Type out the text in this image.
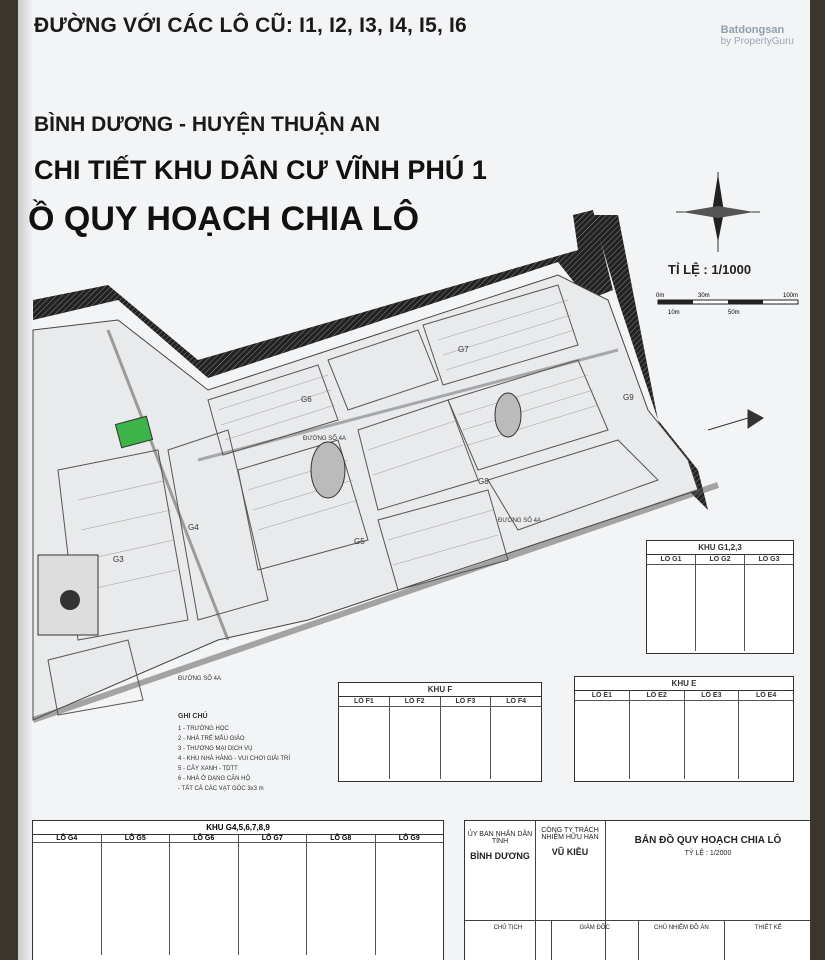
ĐƯỜNG VỚI CÁC LÔ CŨ: I1, I2, I3, I4, I5, I6
BÌNH DƯƠNG - HUYỆN THUẬN AN
CHI TIẾT KHU DÂN CƯ VĨNH PHÚ 1
Ồ QUY HOẠCH CHIA LÔ
Batdongsan
by PropertyGuru
G6
G7
G9
G8
G5
G4
G3
ĐƯỜNG SỐ 4A
ĐƯỜNG SỐ 4A
ĐƯỜNG SỐ 4A
0m	30m	100m
10m	50m
TỈ LỆ : 1/1000
KHU G1,2,3
LÔ G1	LÔ G2	LÔ G3
KHU F
LÔ F1	LÔ F2	LÔ F3	LÔ F4
KHU E
LÔ E1	LÔ E2	LÔ E3	LÔ E4
GHI CHÚ
1 - TRƯỜNG HỌC
2 - NHÀ TRẺ MẪU GIÁO
3 - THƯƠNG MẠI DỊCH VỤ
4 - KHU NHÀ HÀNG - VUI CHƠI GIẢI TRÍ
5 - CÂY XANH - TDTT
6 - NHÀ Ở DẠNG CĂN HỘ
- TẤT CẢ CÁC VẠT GÓC 3x3 m
KHU G4,5,6,7,8,9
LÔ G4	LÔ G5	LÔ G6	LÔ G7	LÔ G8	LÔ G9
ỦY BAN NHÂN DÂN TỈNH
BÌNH DƯƠNG
CÔNG TY TRÁCH NHIỆM HỮU HẠN
VŨ KIỀU
BẢN ĐỒ QUY HOẠCH CHIA LÔ
TỶ LỆ : 1/2000
CHỦ TỊCH	GIÁM ĐỐC	CHỦ NHIỆM ĐỒ ÁN	THIẾT KẾ
